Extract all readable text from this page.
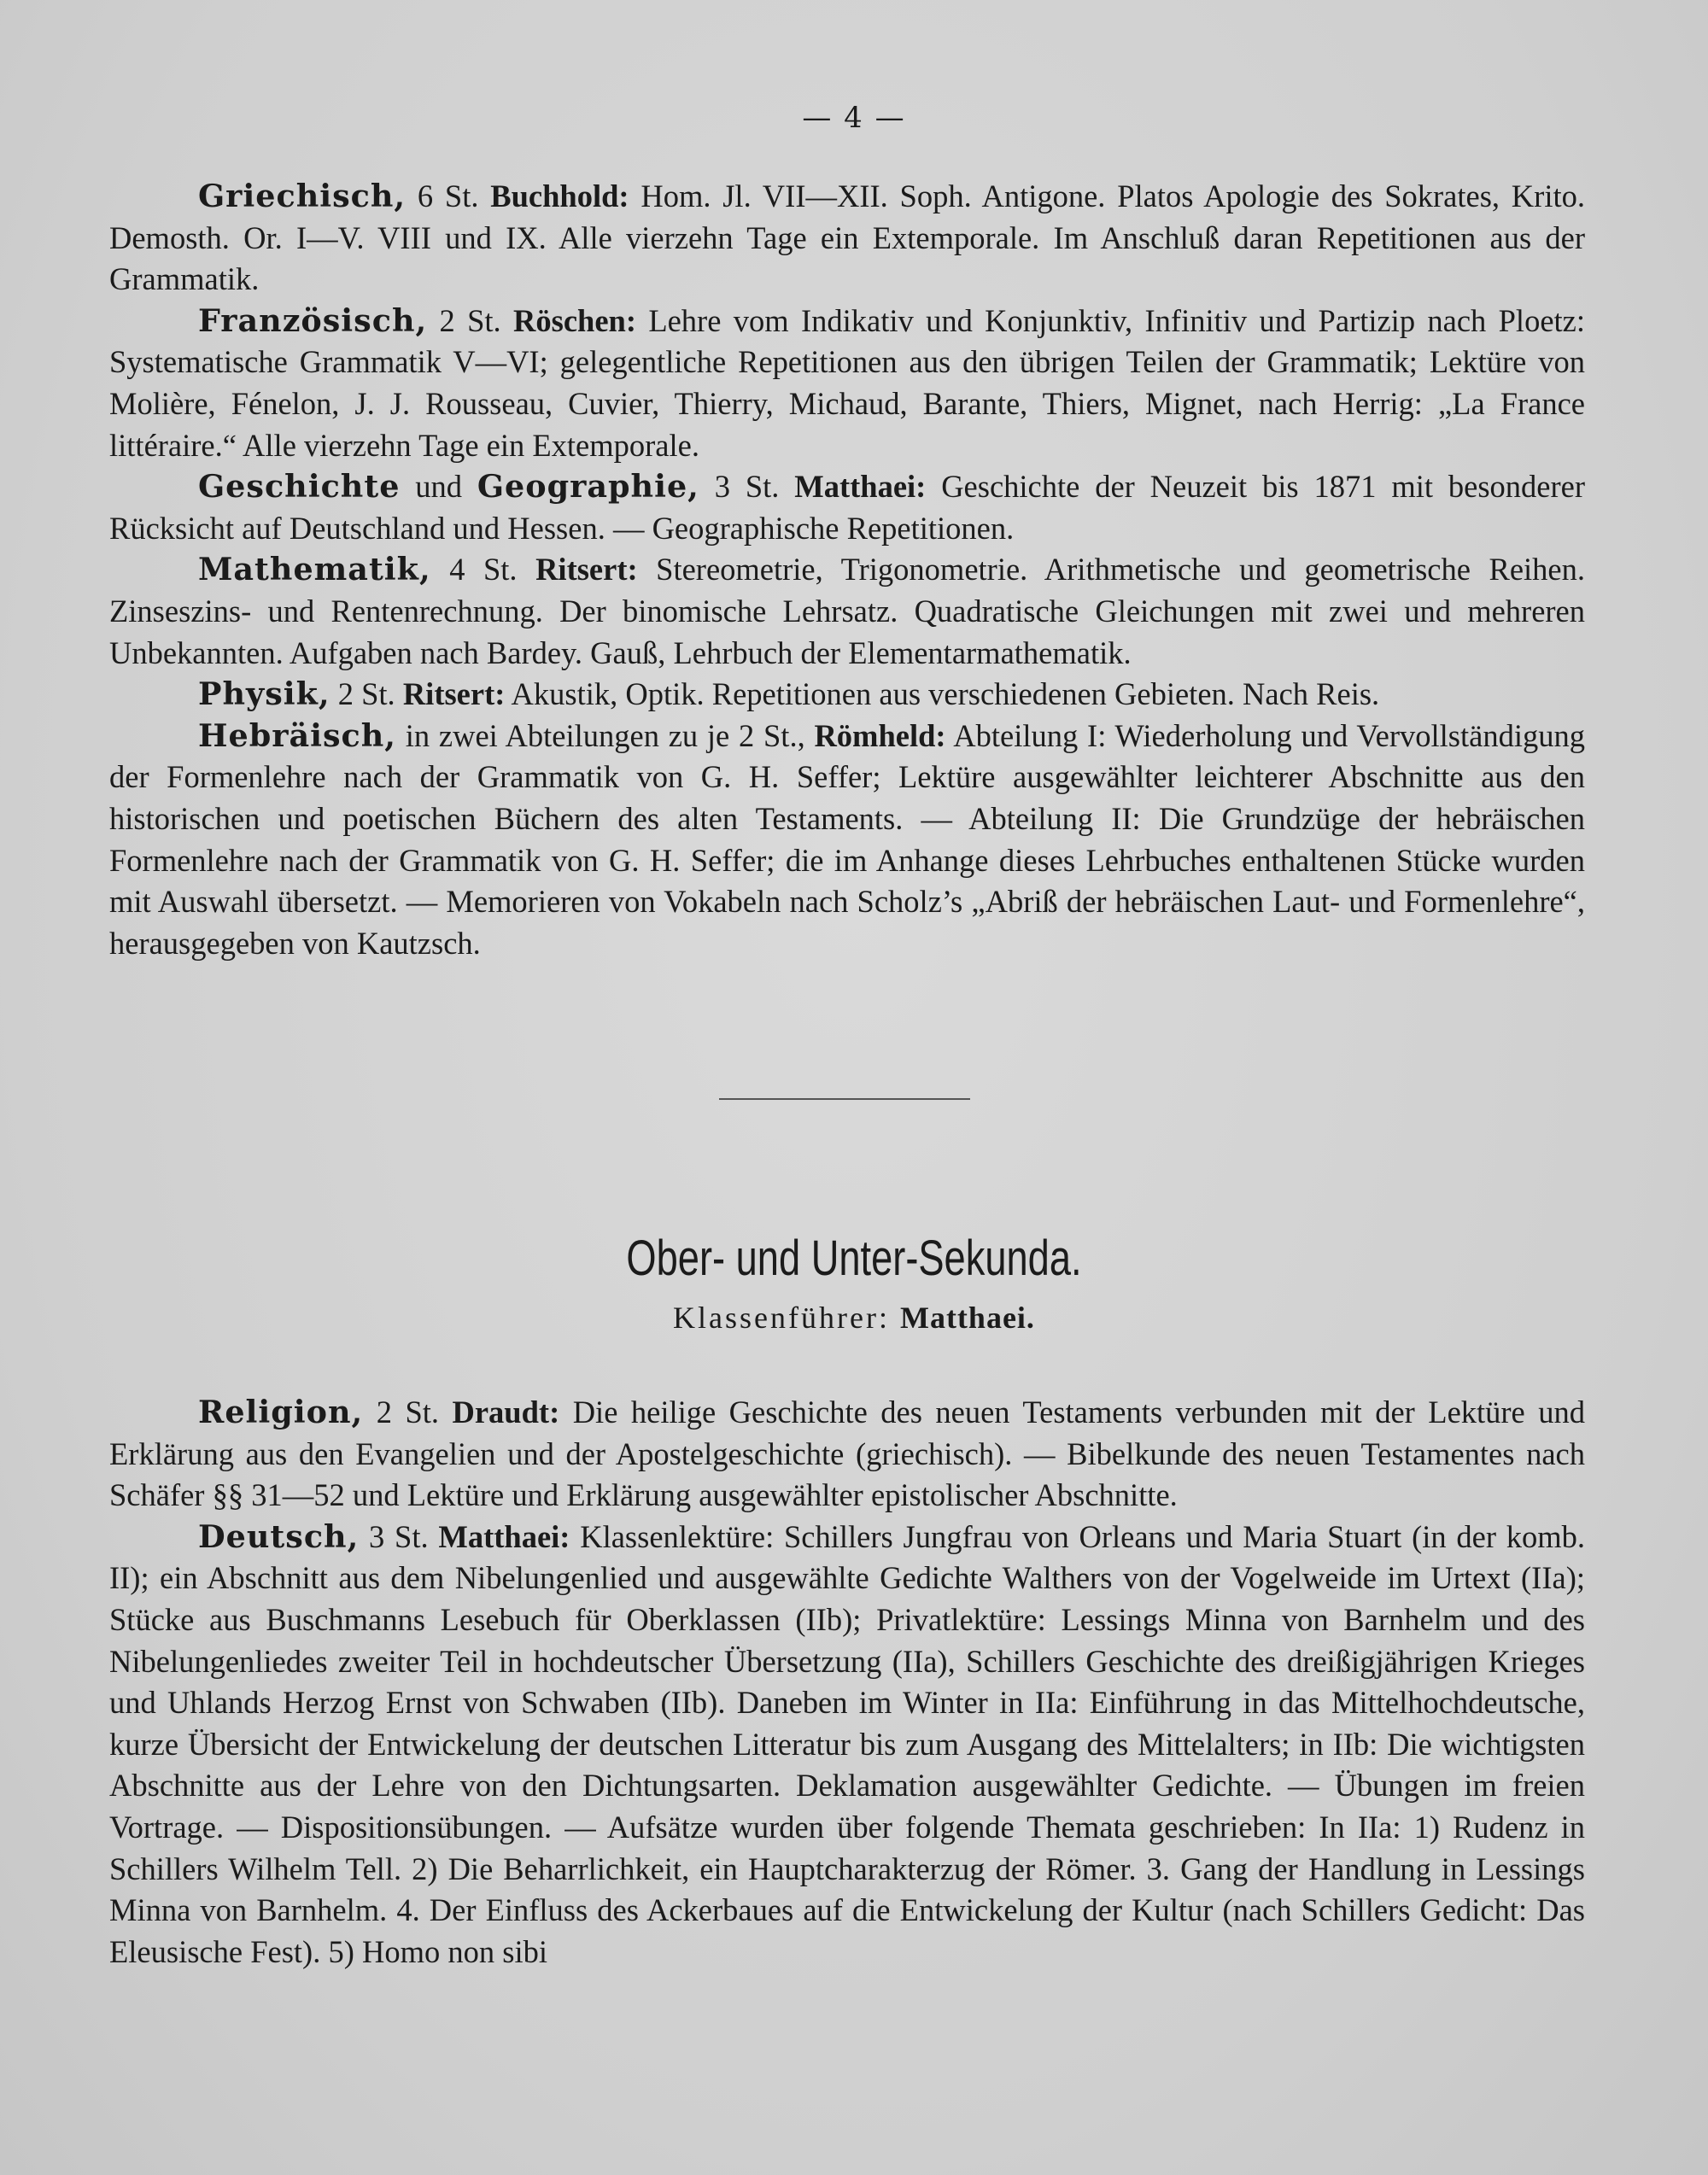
— 4 —

Griechisch, 6 St. Buchhold: Hom. Jl. VII—XII. Soph. Antigone. Platos Apologie des Sokrates, Krito. Demosth. Or. I—V. VIII und IX. Alle vierzehn Tage ein Extemporale. Im Anschluß daran Repetitionen aus der Grammatik.

Französisch, 2 St. Röschen: Lehre vom Indikativ und Konjunktiv, Infinitiv und Partizip nach Ploetz: Systematische Grammatik V—VI; gelegentliche Repetitionen aus den übrigen Teilen der Grammatik; Lektüre von Molière, Fénelon, J. J. Rousseau, Cuvier, Thierry, Michaud, Barante, Thiers, Mignet, nach Herrig: „La France littéraire.“ Alle vierzehn Tage ein Extemporale.

Geschichte und Geographie, 3 St. Matthaei: Geschichte der Neuzeit bis 1871 mit besonderer Rücksicht auf Deutschland und Hessen. — Geographische Repetitionen.

Mathematik, 4 St. Ritsert: Stereometrie, Trigonometrie. Arithmetische und geometrische Reihen. Zinseszins- und Rentenrechnung. Der binomische Lehrsatz. Quadratische Gleichungen mit zwei und mehreren Unbekannten. Aufgaben nach Bardey. Gauß, Lehrbuch der Elementarmathematik.

Physik, 2 St. Ritsert: Akustik, Optik. Repetitionen aus verschiedenen Gebieten. Nach Reis.

Hebräisch, in zwei Abteilungen zu je 2 St., Römheld: Abteilung I: Wiederholung und Vervollständigung der Formenlehre nach der Grammatik von G. H. Seffer; Lektüre ausgewählter leichterer Abschnitte aus den historischen und poetischen Büchern des alten Testaments. — Abteilung II: Die Grundzüge der hebräischen Formenlehre nach der Grammatik von G. H. Seffer; die im Anhange dieses Lehrbuches enthaltenen Stücke wurden mit Auswahl übersetzt. — Memorieren von Vokabeln nach Scholz’s „Abriß der hebräischen Laut- und Formenlehre“, herausgegeben von Kautzsch.

Ober- und Unter-Sekunda.
Klassenführer: Matthaei.

Religion, 2 St. Draudt: Die heilige Geschichte des neuen Testaments verbunden mit der Lektüre und Erklärung aus den Evangelien und der Apostelgeschichte (griechisch). — Bibelkunde des neuen Testamentes nach Schäfer §§ 31—52 und Lektüre und Erklärung ausgewählter epistolischer Abschnitte.

Deutsch, 3 St. Matthaei: Klassenlektüre: Schillers Jungfrau von Orleans und Maria Stuart (in der komb. II); ein Abschnitt aus dem Nibelungenlied und ausgewählte Gedichte Walthers von der Vogelweide im Urtext (IIa); Stücke aus Buschmanns Lesebuch für Oberklassen (IIb); Privatlektüre: Lessings Minna von Barnhelm und des Nibelungenliedes zweiter Teil in hochdeutscher Übersetzung (IIa), Schillers Geschichte des dreißigjährigen Krieges und Uhlands Herzog Ernst von Schwaben (IIb). Daneben im Winter in IIa: Einführung in das Mittelhochdeutsche, kurze Übersicht der Entwickelung der deutschen Litteratur bis zum Ausgang des Mittelalters; in IIb: Die wichtigsten Abschnitte aus der Lehre von den Dichtungsarten. Deklamation ausgewählter Gedichte. — Übungen im freien Vortrage. — Dispositionsübungen. — Aufsätze wurden über folgende Themata geschrieben: In IIa: 1) Rudenz in Schillers Wilhelm Tell. 2) Die Beharrlichkeit, ein Hauptcharakterzug der Römer. 3. Gang der Handlung in Lessings Minna von Barnhelm. 4. Der Einfluss des Ackerbaues auf die Entwickelung der Kultur (nach Schillers Gedicht: Das Eleusische Fest). 5) Homo non sibi
